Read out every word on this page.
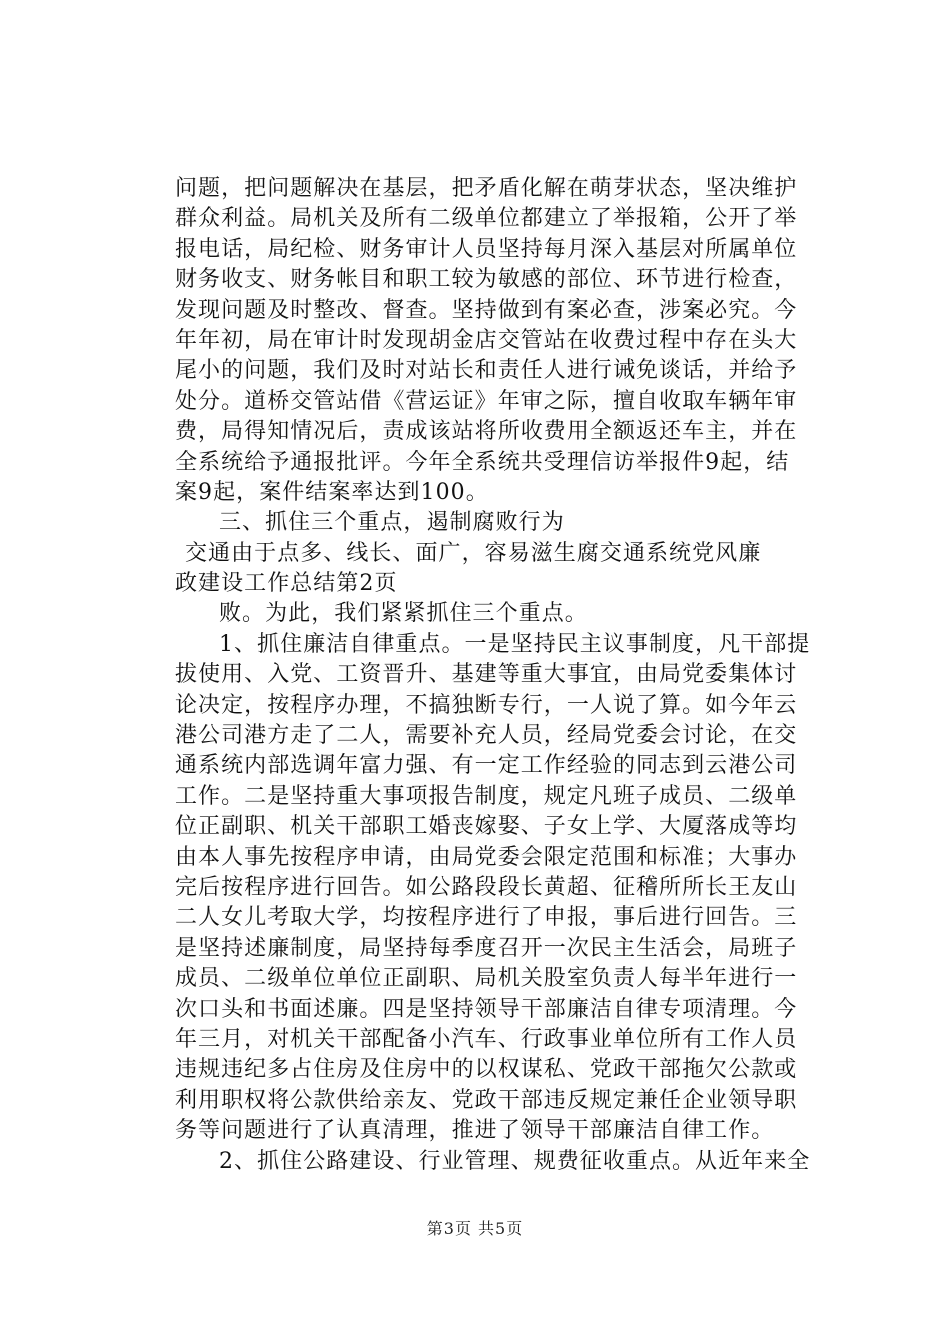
问题，把问题解决在基层，把矛盾化解在萌芽状态，坚决维护
群众利益。局机关及所有二级单位都建立了举报箱，公开了举
报电话，局纪检、财务审计人员坚持每月深入基层对所属单位
财务收支、财务帐目和职工较为敏感的部位、环节进行检查，
发现问题及时整改、督查。坚持做到有案必查，涉案必究。今
年年初，局在审计时发现胡金店交管站在收费过程中存在头大
尾小的问题，我们及时对站长和责任人进行诫免谈话，并给予
处分。道桥交管站借《营运证》年审之际，擅自收取车辆年审
费，局得知情况后，责成该站将所收费用全额返还车主，并在
全系统给予通报批评。今年全系统共受理信访举报件9起，结
案9起，案件结案率达到100。
三、抓住三个重点，遏制腐败行为
交通由于点多、线长、面广，容易滋生腐交通系统党风廉
政建设工作总结第2页
败。为此，我们紧紧抓住三个重点。
1、抓住廉洁自律重点。一是坚持民主议事制度，凡干部提
拔使用、入党、工资晋升、基建等重大事宜，由局党委集体讨
论决定，按程序办理，不搞独断专行，一人说了算。如今年云
港公司港方走了二人，需要补充人员，经局党委会讨论，在交
通系统内部选调年富力强、有一定工作经验的同志到云港公司
工作。二是坚持重大事项报告制度，规定凡班子成员、二级单
位正副职、机关干部职工婚丧嫁娶、子女上学、大厦落成等均
由本人事先按程序申请，由局党委会限定范围和标准；大事办
完后按程序进行回告。如公路段段长黄超、征稽所所长王友山
二人女儿考取大学，均按程序进行了申报，事后进行回告。三
是坚持述廉制度，局坚持每季度召开一次民主生活会，局班子
成员、二级单位单位正副职、局机关股室负责人每半年进行一
次口头和书面述廉。四是坚持领导干部廉洁自律专项清理。今
年三月，对机关干部配备小汽车、行政事业单位所有工作人员
违规违纪多占住房及住房中的以权谋私、党政干部拖欠公款或
利用职权将公款供给亲友、党政干部违反规定兼任企业领导职
务等问题进行了认真清理，推进了领导干部廉洁自律工作。
2、抓住公路建设、行业管理、规费征收重点。从近年来全
第3页 共5页
